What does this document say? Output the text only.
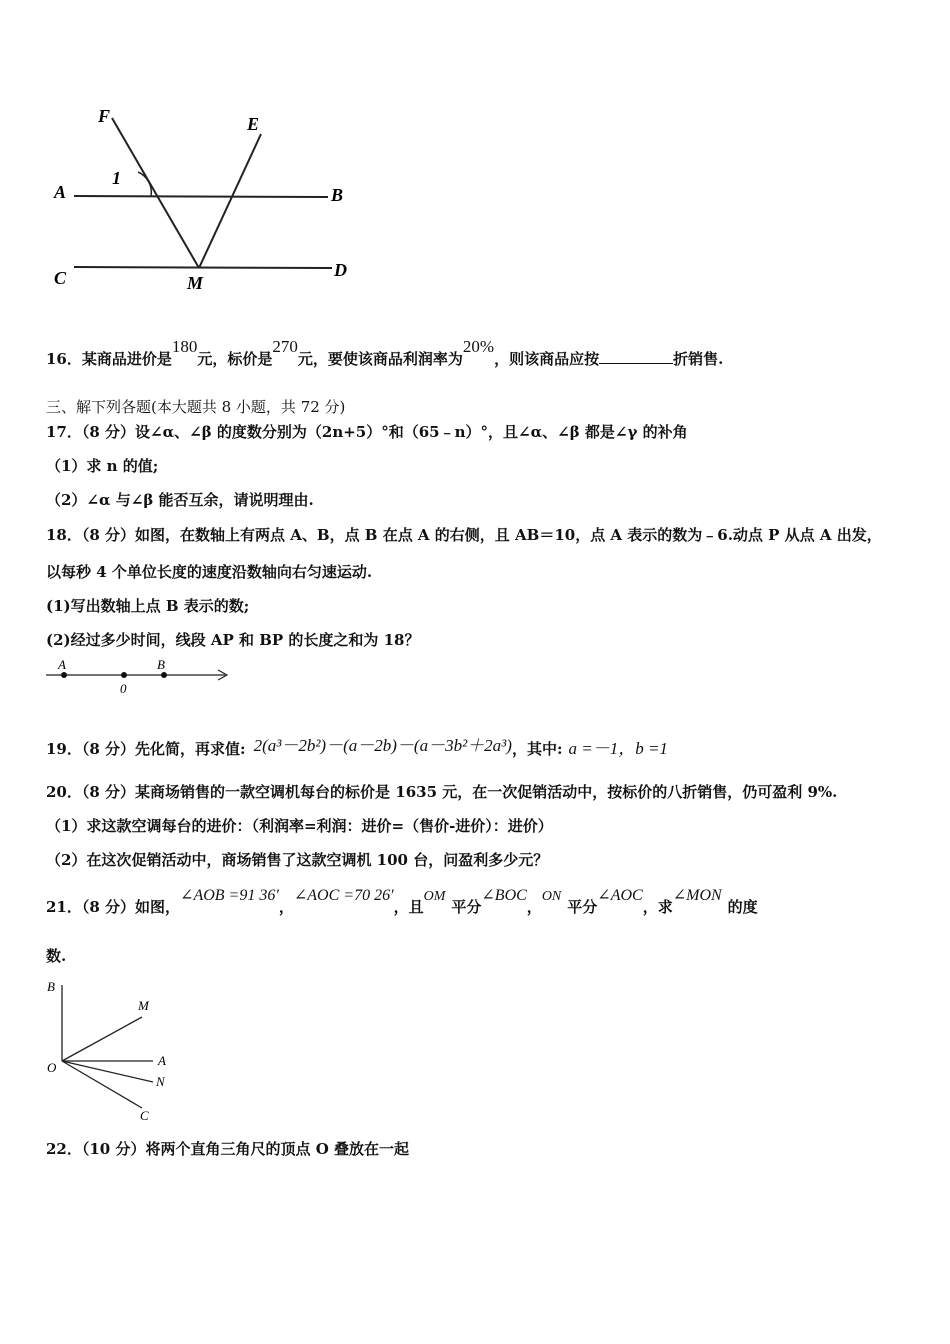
F	E
A
1
B
C	M
D
16．某商品进价是180元，标价是270元，要使该商品利润率为20%，则该商品应按	折销售.
三、解下列各题(本大题共 8 小题，共 72 分)
17．（8 分）设∠α、∠β 的度数分别为（2n+5）°和（65﹣n）°，且∠α、∠β 都是∠γ 的补角
（1）求 n 的值;
（2）∠α 与∠β 能否互余，请说明理由.
18．（8 分）如图，在数轴上有两点 A、B，点 B 在点 A 的右侧，且 AB＝10，点 A 表示的数为﹣6.动点 P 从点 A 出发，
以每秒 4 个单位长度的速度沿数轴向右匀速运动.
(1)写出数轴上点 B 表示的数;
(2)经过多少时间，线段 AP 和 BP 的长度之和为 18？
A
0
B
19．（8 分）先化简，再求值: 2(a³－2b²)－(a－2b)－(a－3b²＋2a³)，其中: a =－1，b =1
20．（8 分）某商场销售的一款空调机每台的标价是 1635 元，在一次促销活动中，按标价的八折销售，仍可盈利 9%.
（1）求这款空调每台的进价：（利润率=利润：进价=（售价-进价）：进价）
（2）在这次促销活动中，商场销售了这款空调机 100 台，问盈利多少元？
21．（8 分）如图，∠AOB =91 36′，∠AOC =70 26′，且OM平分∠BOC，ON平分∠AOC，求∠MON的度
数.
B
M
O	A
N
C
22．（10 分）将两个直角三角尺的顶点 O 叠放在一起
